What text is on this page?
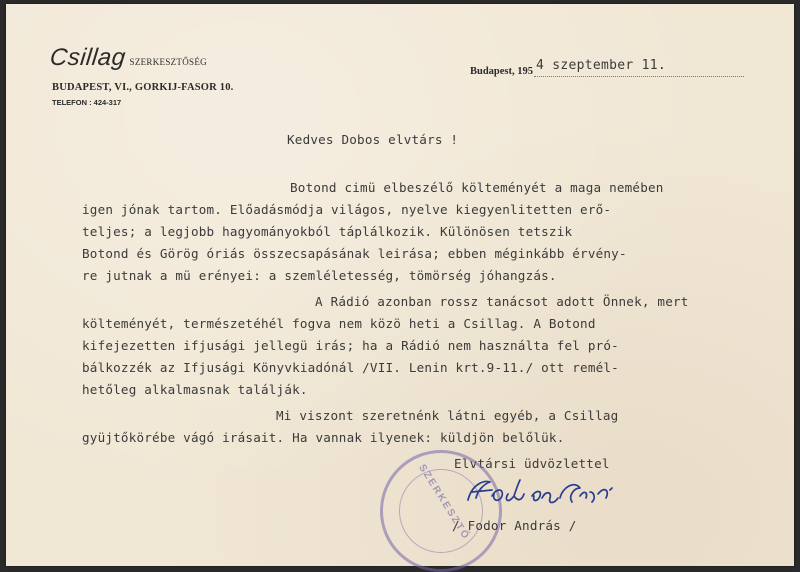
Csillag SZERKESZTŐSÉG
BUDAPEST, VI., GORKIJ-FASOR 10.
TELEFON : 424-317
Budapest, 195 4 szeptember 11.
Kedves Dobos elvtárs !
Botond cimü elbeszélő költeményét a maga nemében
igen jónak tartom. Előadásmódja világos, nyelve kiegyenlitetten erő-
teljes; a legjobb hagyományokból táplálkozik. Különösen tetszik
Botond és Görög óriás összecsapásának leirása; ebben méginkább érvény-
re jutnak a mü erényei: a szemléletesség, tömörség jóhangzás.
A Rádió azonban rossz tanácsot adott Önnek, mert
költeményét, természetéhél fogva nem közö heti a Csillag. A Botond
kifejezetten ifjusági jellegü irás; ha a Rádió nem használta fel pró-
bálkozzék az Ifjusági Könyvkiadónál /VII. Lenin krt.9-11./ ott remél-
hetőleg alkalmasnak találják.
Mi viszont szeretnénk látni egyéb, a Csillag
gyüjtőkörébe vágó irásait. Ha vannak ilyenek: küldjön belőlük.
Elvtársi üdvözlettel
SZERKESZTŐ
/ Fodor András /
